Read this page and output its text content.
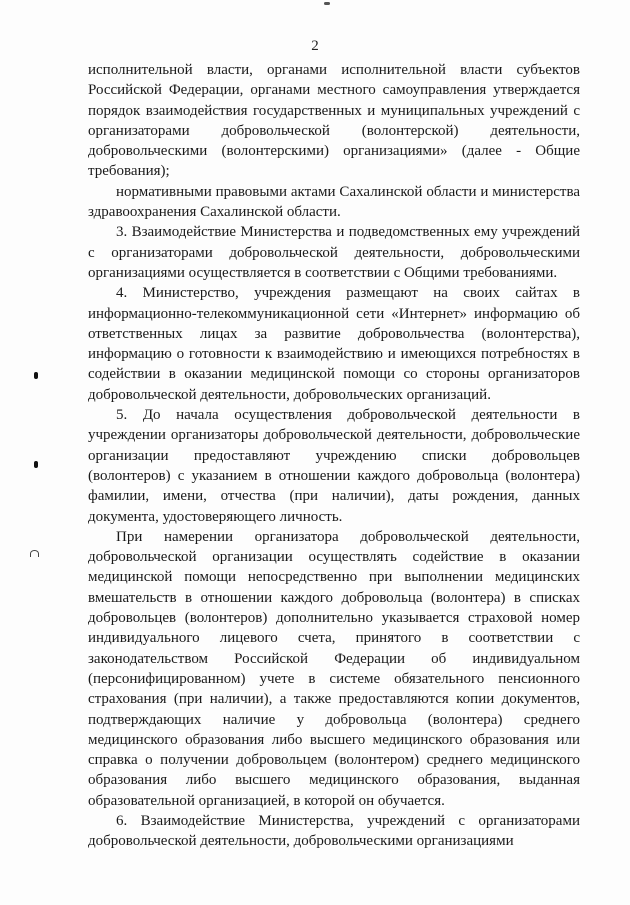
2

исполнительной власти, органами исполнительной власти субъектов Российской Федерации, органами местного самоуправления утверждается порядок взаимодействия государственных и муниципальных учреждений с организаторами добровольческой (волонтерской) деятельности, добровольческими (волонтерскими) организациями» (далее - Общие требования);

нормативными правовыми актами Сахалинской области и министерства здравоохранения Сахалинской области.

3. Взаимодействие Министерства и подведомственных ему учреждений с организаторами добровольческой деятельности, добровольческими организациями осуществляется в соответствии с Общими требованиями.

4. Министерство, учреждения размещают на своих сайтах в информационно-телекоммуникационной сети «Интернет» информацию об ответственных лицах за развитие добровольчества (волонтерства), информацию о готовности к взаимодействию и имеющихся потребностях в содействии в оказании медицинской помощи со стороны организаторов добровольческой деятельности, добровольческих организаций.

5. До начала осуществления добровольческой деятельности в учреждении организаторы добровольческой деятельности, добровольческие организации предоставляют учреждению списки добровольцев (волонтеров) с указанием в отношении каждого добровольца (волонтера) фамилии, имени, отчества (при наличии), даты рождения, данных документа, удостоверяющего личность.

При намерении организатора добровольческой деятельности, добровольческой организации осуществлять содействие в оказании медицинской помощи непосредственно при выполнении медицинских вмешательств в отношении каждого добровольца (волонтера) в списках добровольцев (волонтеров) дополнительно указывается страховой номер индивидуального лицевого счета, принятого в соответствии с законодательством Российской Федерации об индивидуальном (персонифицированном) учете в системе обязательного пенсионного страхования (при наличии), а также предоставляются копии документов, подтверждающих наличие у добровольца (волонтера) среднего медицинского образования либо высшего медицинского образования или справка о получении добровольцем (волонтером) среднего медицинского образования либо высшего медицинского образования, выданная образовательной организацией, в которой он обучается.

6. Взаимодействие Министерства, учреждений с организаторами добровольческой деятельности, добровольческими организациями
